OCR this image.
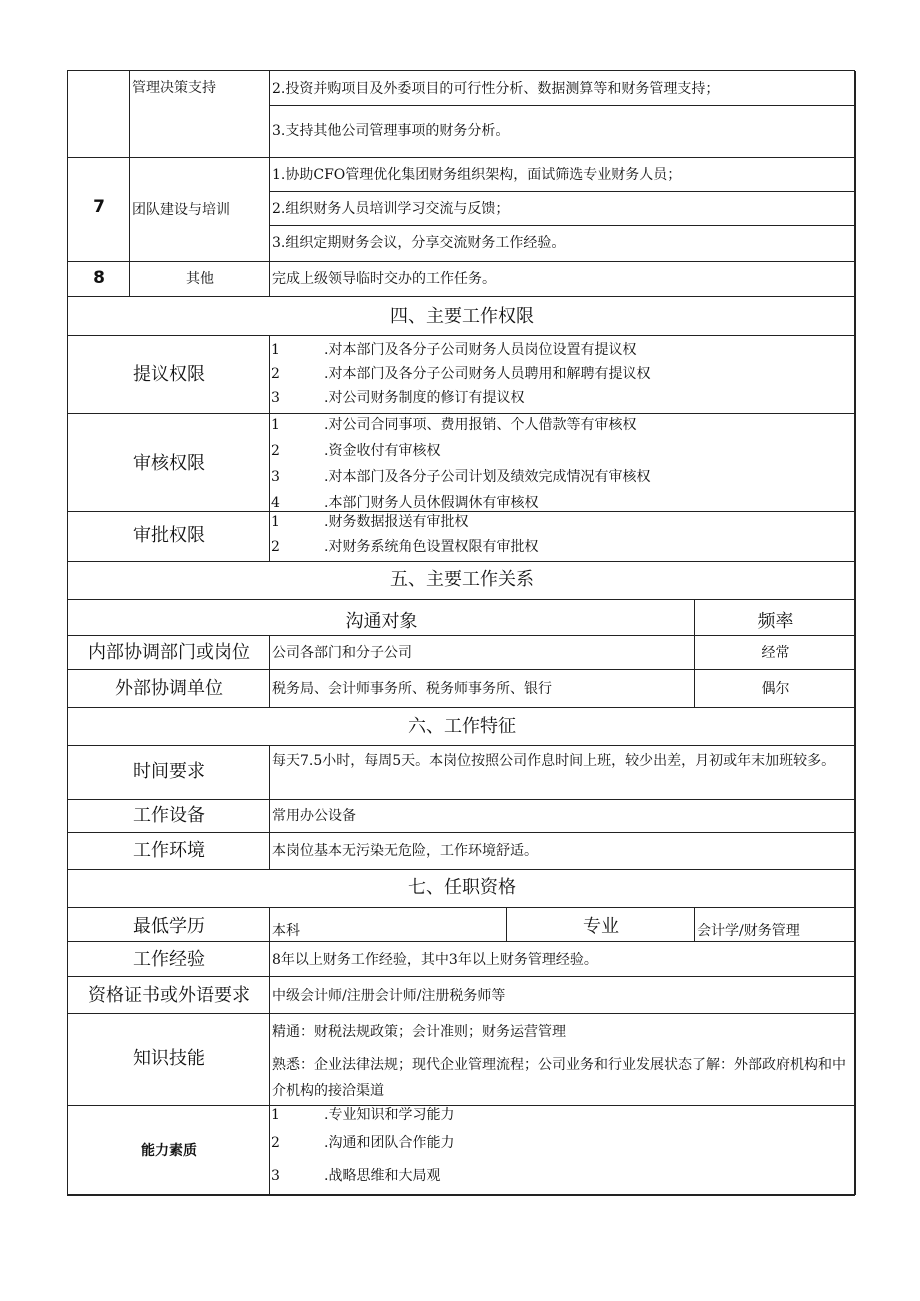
管理决策支持	2.投资并购项目及外委项目的可行性分析、数据测算等和财务管理支持；
3.支持其他公司管理事项的财务分析。
7	团队建设与培训
1.协助CFO管理优化集团财务组织架构，面试筛选专业财务人员；
2.组织财务人员培训学习交流与反馈；
3.组织定期财务会议，分享交流财务工作经验。
8	其他	完成上级领导临时交办的工作任务。
四、主要工作权限
提议权限
1	.对本部门及各分子公司财务人员岗位设置有提议权
2	.对本部门及各分子公司财务人员聘用和解聘有提议权
3	.对公司财务制度的修订有提议权
审核权限
1	.对公司合同事项、费用报销、个人借款等有审核权
2	.资金收付有审核权
3	.对本部门及各分子公司计划及绩效完成情况有审核权
4	.本部门财务人员休假调休有审核权
审批权限
1	.财务数据报送有审批权
2	.对财务系统角色设置权限有审批权
五、主要工作关系
沟通对象	频率
内部协调部门或岗位	公司各部门和分子公司	经常
外部协调单位	税务局、会计师事务所、税务师事务所、银行	偶尔
六、工作特征
时间要求	每天7.5小时，每周5天。本岗位按照公司作息时间上班，较少出差，月初或年末加班较多。
工作设备	常用办公设备
工作环境	本岗位基本无污染无危险，工作环境舒适。
七、任职资格
最低学历	本科	专业	会计学/财务管理
工作经验	8年以上财务工作经验，其中3年以上财务管理经验。
资格证书或外语要求	中级会计师/注册会计师/注册税务师等
知识技能
精通：财税法规政策；会计准则；财务运营管理
熟悉：企业法律法规；现代企业管理流程；公司业务和行业发展状态了解：外部政府机构和中介机构的接洽渠道
能力素质
1	.专业知识和学习能力
2	.沟通和团队合作能力
3	.战略思维和大局观
